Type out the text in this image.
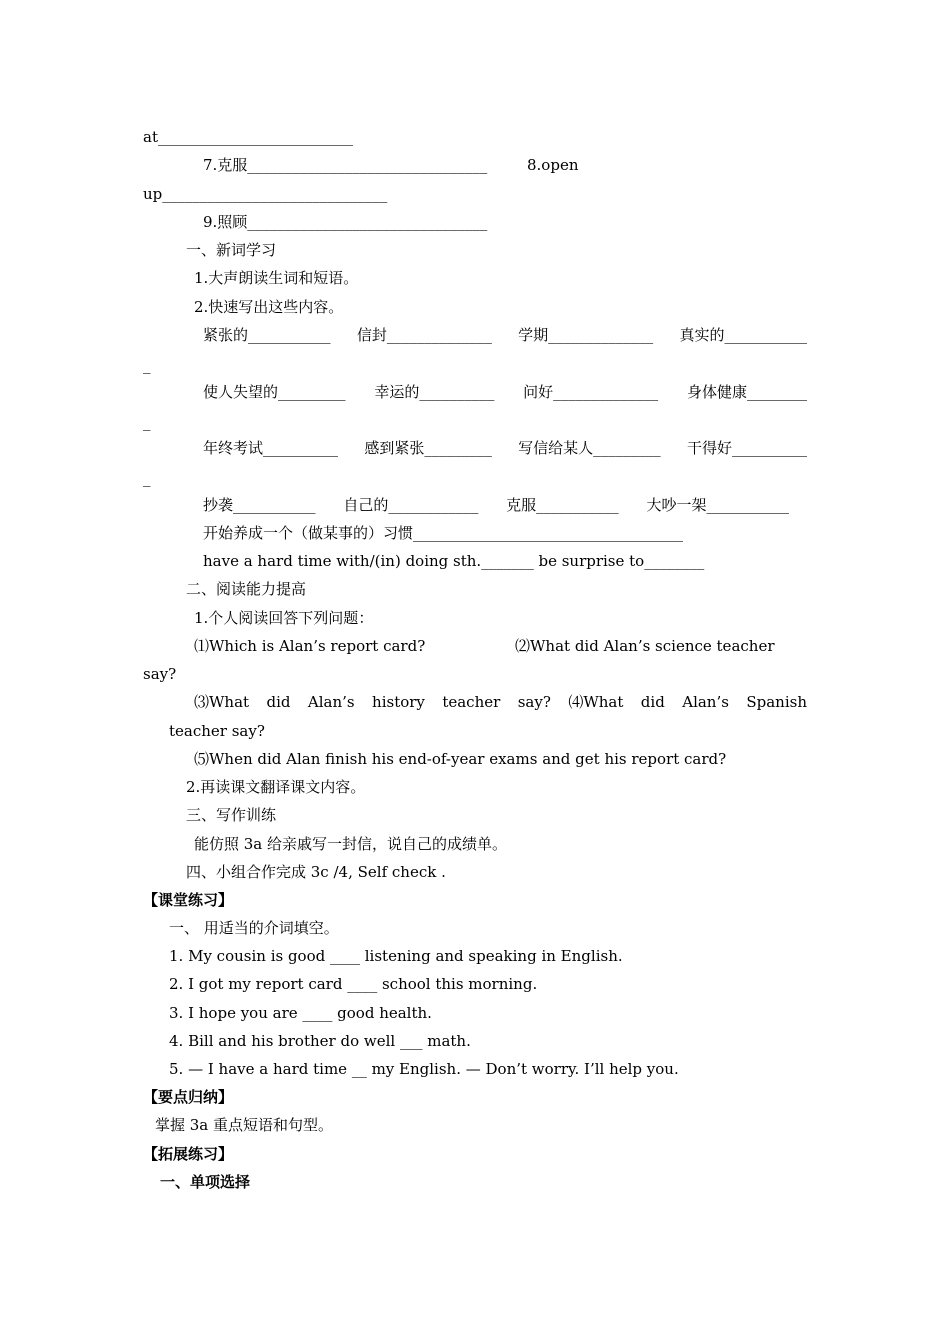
at__________________________
7.克服________________________________	8.open
up______________________________
9.照顾________________________________
一、新词学习
1.大声朗读生词和短语。
2.快速写出这些内容。
紧张的___________ 信封______________ 学期______________ 真实的___________
_
使人失望的_________ 幸运的__________ 问好______________ 身体健康________
_
年终考试__________ 感到紧张_________ 写信给某人_________ 干得好__________
_
抄袭___________ 自己的____________ 克服___________ 大吵一架___________
开始养成一个（做某事的）习惯____________________________________
have a hard time with/(in) doing sth._______ be surprise to________
二、阅读能力提高
1.个人阅读回答下列问题：
⑴Which is Alan’s report card?	⑵What did Alan’s science teacher
say?
⑶What did Alan’s history teacher say? ⑷What did Alan’s Spanish
teacher say?
⑸When did Alan finish his end-of-year exams and get his report card?
2.再读课文翻译课文内容。
三、写作训练
能仿照 3a 给亲戚写一封信，说自己的成绩单。
四、小组合作完成 3c /4, Self check .
【课堂练习】
一、 用适当的介词填空。
1. My cousin is good ____ listening and speaking in English.
2. I got my report card ____ school this morning.
3. I hope you are ____ good health.
4. Bill and his brother do well ___ math.
5. — I have a hard time __ my English. — Don’t worry. I’ll help you.
【要点归纳】
掌握 3a 重点短语和句型。
【拓展练习】
一、单项选择
